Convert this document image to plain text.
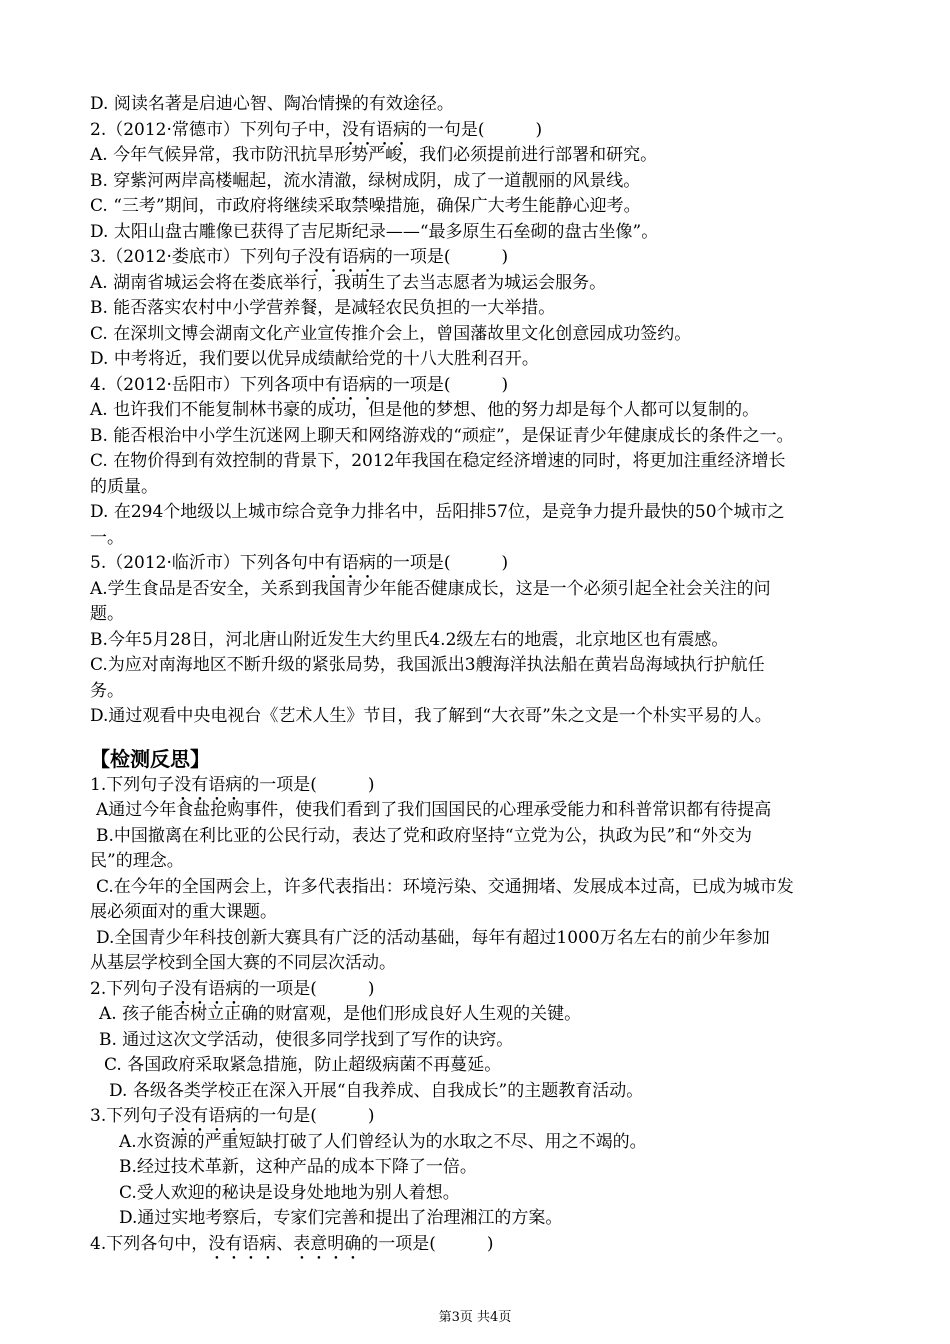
D. 阅读名著是启迪心智、陶冶情操的有效途径。
2.（2012·常德市）下列句子中，没有语病的一句是(　　　)
A. 今年气候异常，我市防汛抗旱形势严峻，我们必须提前进行部署和研究。
B. 穿紫河两岸高楼崛起，流水清澈，绿树成阴，成了一道靓丽的风景线。
C. “三考”期间，市政府将继续采取禁噪措施，确保广大考生能静心迎考。
D. 太阳山盘古雕像已获得了吉尼斯纪录——“最多原生石垒砌的盘古坐像”。
3.（2012·娄底市）下列句子没有语病的一项是(　　　)
A. 湖南省城运会将在娄底举行，我萌生了去当志愿者为城运会服务。
B. 能否落实农村中小学营养餐，是减轻农民负担的一大举措。
C. 在深圳文博会湖南文化产业宣传推介会上，曾国藩故里文化创意园成功签约。
D. 中考将近，我们要以优异成绩献给党的十八大胜利召开。
4.（2012·岳阳市）下列各项中有语病的一项是(　　　)
A. 也许我们不能复制林书豪的成功，但是他的梦想、他的努力却是每个人都可以复制的。
B. 能否根治中小学生沉迷网上聊天和网络游戏的“顽症”，是保证青少年健康成长的条件之一。
C. 在物价得到有效控制的背景下，2012年我国在稳定经济增速的同时，将更加注重经济增长
的质量。
D. 在294个地级以上城市综合竞争力排名中，岳阳排57位，是竞争力提升最快的50个城市之
一。
5.（2012·临沂市）下列各句中有语病的一项是(　　　)
A.学生食品是否安全，关系到我国青少年能否健康成长，这是一个必须引起全社会关注的问
题。
B.今年5月28日，河北唐山附近发生大约里氏4.2级左右的地震，北京地区也有震感。
C.为应对南海地区不断升级的紧张局势，我国派出3艘海洋执法船在黄岩岛海域执行护航任
务。
D.通过观看中央电视台《艺术人生》节目，我了解到“大衣哥”朱之文是一个朴实平易的人。
【检测反思】
1.下列句子没有语病的一项是(　　　)
A通过今年食盐抢购事件，使我们看到了我们国国民的心理承受能力和科普常识都有待提高
B.中国撤离在利比亚的公民行动，表达了党和政府坚持“立党为公，执政为民”和“外交为
民”的理念。
C.在今年的全国两会上，许多代表指出：环境污染、交通拥堵、发展成本过高，已成为城市发
展必须面对的重大课题。
D.全国青少年科技创新大赛具有广泛的活动基础，每年有超过1000万名左右的前少年参加
从基层学校到全国大赛的不同层次活动。
2.下列句子没有语病的一项是(　　　)
A. 孩子能否树立正确的财富观，是他们形成良好人生观的关键。
B. 通过这次文学活动，使很多同学找到了写作的诀窍。
C. 各国政府采取紧急措施，防止超级病菌不再蔓延。
D. 各级各类学校正在深入开展“自我养成、自我成长”的主题教育活动。
3.下列句子没有语病的一句是(　　　)
A.水资源的严重短缺打破了人们曾经认为的水取之不尽、用之不竭的。
B.经过技术革新，这种产品的成本下降了一倍。
C.受人欢迎的秘诀是设身处地地为别人着想。
D.通过实地考察后，专家们完善和提出了治理湘江的方案。
4.下列各句中，没有语病、表意明确的一项是(　　　)
第3页 共4页
